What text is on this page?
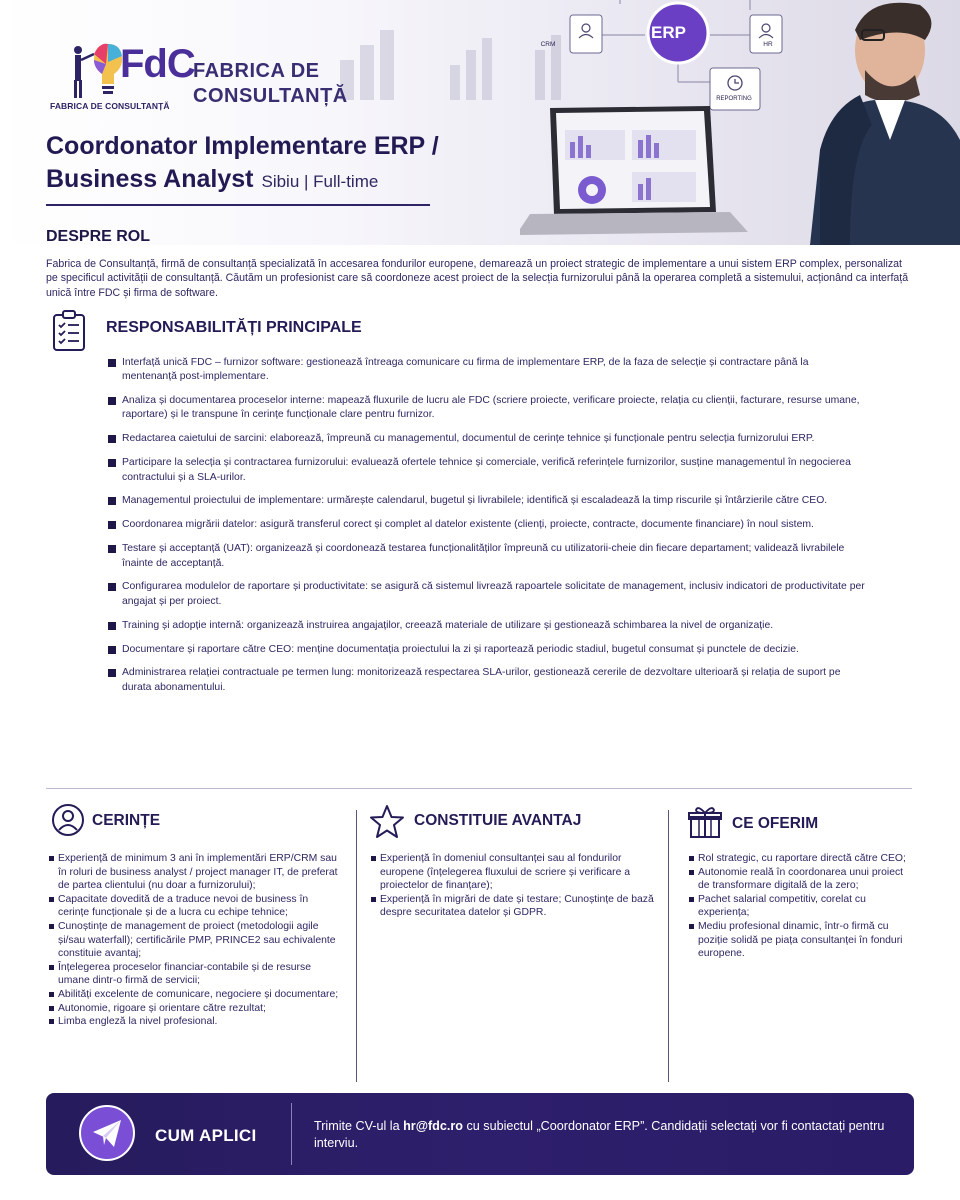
ERP
CRM	HR
REPORTING
FdC
FABRICA DE CONSULTANȚĂ
FABRICA DE
CONSULTANȚĂ
Coordonator Implementare ERP /
Business Analyst Sibiu | Full-time
DESPRE ROL
Fabrica de Consultanță, firmă de consultanță specializată în accesarea fondurilor europene, demarează un proiect strategic de implementare a unui sistem ERP complex, personalizat pe specificul activității de consultanță. Căutăm un profesionist care să coordoneze acest proiect de la selecția furnizorului până la operarea completă a sistemului, acționând ca interfață unică între FDC și firma de software.
RESPONSABILITĂȚI PRINCIPALE
Interfață unică FDC – furnizor software: gestionează întreaga comunicare cu firma de implementare ERP, de la faza de selecție și contractare până la mentenanță post-implementare.
Analiza și documentarea proceselor interne: mapează fluxurile de lucru ale FDC (scriere proiecte, verificare proiecte, relația cu clienții, facturare, resurse umane, raportare) și le transpune în cerințe funcționale clare pentru furnizor.
Redactarea caietului de sarcini: elaborează, împreună cu managementul, documentul de cerințe tehnice și funcționale pentru selecția furnizorului ERP.
Participare la selecția și contractarea furnizorului: evaluează ofertele tehnice și comerciale, verifică referințele furnizorilor, susține managementul în negocierea contractului și a SLA-urilor.
Managementul proiectului de implementare: urmărește calendarul, bugetul și livrabilele; identifică și escaladează la timp riscurile și întârzierile către CEO.
Coordonarea migrării datelor: asigură transferul corect și complet al datelor existente (clienți, proiecte, contracte, documente financiare) în noul sistem.
Testare și acceptanță (UAT): organizează și coordonează testarea funcționalităților împreună cu utilizatorii-cheie din fiecare departament; validează livrabilele înainte de acceptanță.
Configurarea modulelor de raportare și productivitate: se asigură că sistemul livrează rapoartele solicitate de management, inclusiv indicatori de productivitate per angajat și per proiect.
Training și adopție internă: organizează instruirea angajaților, creează materiale de utilizare și gestionează schimbarea la nivel de organizație.
Documentare și raportare către CEO: menține documentația proiectului la zi și raportează periodic stadiul, bugetul consumat și punctele de decizie.
Administrarea relației contractuale pe termen lung: monitorizează respectarea SLA-urilor, gestionează cererile de dezvoltare ulterioară și relația de suport pe durata abonamentului.
CERINȚE
Experiență de minimum 3 ani în implementări ERP/CRM sau în roluri de business analyst / project manager IT, de preferat de partea clientului (nu doar a furnizorului);
Capacitate dovedită de a traduce nevoi de business în cerințe funcționale și de a lucra cu echipe tehnice;
Cunoștințe de management de proiect (metodologii agile și/sau waterfall); certificările PMP, PRINCE2 sau echivalente constituie avantaj;
Înțelegerea proceselor financiar-contabile și de resurse umane dintr-o firmă de servicii;
Abilități excelente de comunicare, negociere și documentare;
Autonomie, rigoare și orientare către rezultat;
Limba engleză la nivel profesional.
CONSTITUIE AVANTAJ
Experiență în domeniul consultanței sau al fondurilor europene (înțelegerea fluxului de scriere și verificare a proiectelor de finanțare);
Experiență în migrări de date și testare; Cunoștințe de bază despre securitatea datelor și GDPR.
CE OFERIM
Rol strategic, cu raportare directă către CEO;
Autonomie reală în coordonarea unui proiect de transformare digitală de la zero;
Pachet salarial competitiv, corelat cu experiența;
Mediu profesional dinamic, într-o firmă cu poziție solidă pe piața consultanței în fonduri europene.
CUM APLICI	Trimite CV-ul la hr@fdc.ro cu subiectul „Coordonator ERP”. Candidații selectați vor fi contactați pentru interviu.
